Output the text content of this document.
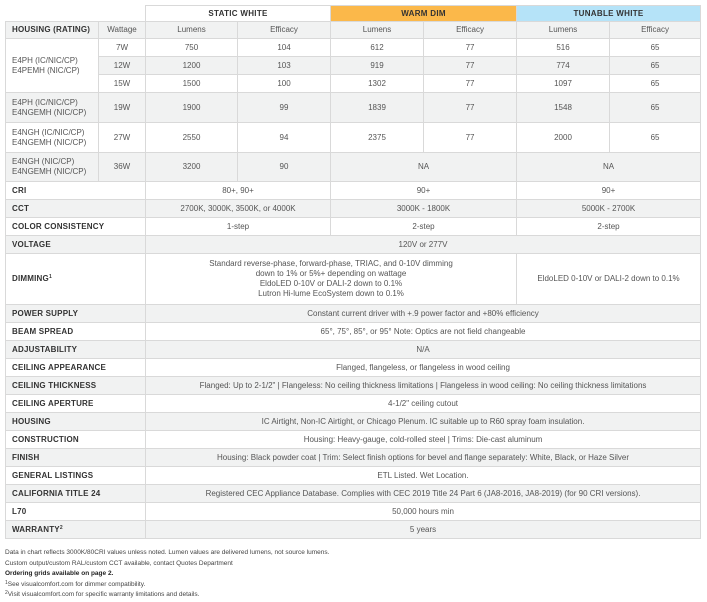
		STATIC WHITE		WARM DIM		TUNABLE WHITE	
HOUSING (RATING)	Wattage	Lumens	Efficacy	Lumens	Efficacy	Lumens	Efficacy
E4PH (IC/NIC/CP)
E4PEMH (NIC/CP)	7W	750	104	612	77	516	65
	12W	1200	103	919	77	774	65
	15W	1500	100	1302	77	1097	65
E4PH (IC/NIC/CP)
E4NGEMH (NIC/CP)	19W	1900	99	1839	77	1548	65
E4NGH (IC/NIC/CP)
E4NGEMH (NIC/CP)	27W	2550	94	2375	77	2000	65
E4NGH (NIC/CP)
E4NGEMH (NIC/CP)	36W	3200	90	NA		NA	
CRI		80+, 90+		90+		90+	
CCT		2700K, 3000K, 3500K, or 4000K		3000K - 1800K		5000K - 2700K	
COLOR CONSISTENCY		1-step		2-step		2-step	
VOLTAGE		120V or 277V					
DIMMING$^1$		Standard reverse-phase, forward-phase, TRIAC, and 0-10V dimming
down to 1% or 5%+ depending on wattage
EldoLED 0-10V or DALI-2 down to 0.1%
Lutron Hi-lume EcoSystem down to 0.1%				EldoLED 0-10V or DALI-2 down to 0.1%	
POWER SUPPLY		Constant current driver with +.9 power factor and +80% efficiency					
BEAM SPREAD		65°, 75°, 85°, or 95° Note: Optics are not field changeable					
ADJUSTABILITY		N/A					
CEILING APPEARANCE		Flanged, flangeless, or flangeless in wood ceiling					
CEILING THICKNESS		Flanged: Up to 2-1/2" | Flangeless: No ceiling thickness limitations | Flangeless in wood ceiling: No ceiling thickness limitations					
CEILING APERTURE		4-1/2" ceiling cutout					
HOUSING		IC Airtight, Non-IC Airtight, or Chicago Plenum. IC suitable up to R60 spray foam insulation.					
CONSTRUCTION		Housing: Heavy-gauge, cold-rolled steel | Trims: Die-cast aluminum					
FINISH		Housing: Black powder coat | Trim: Select finish options for bevel and flange separately: White, Black, or Haze Silver					
GENERAL LISTINGS		ETL Listed. Wet Location.					
CALIFORNIA TITLE 24		Registered CEC Appliance Database. Complies with CEC 2019 Title 24 Part 6 (JA8-2016, JA8-2019) (for 90 CRI versions).					
L70		50,000 hours min					
WARRANTY$^2$		5 years					
Data in chart reflects 3000K/80CRI values unless noted. Lumen values are delivered lumens, not source lumens.
Custom output/custom RAL/custom CCT available, contact Quotes Department
Ordering grids available on page 2.
$^1$See visualcomfort.com for dimmer compatibility.
$^2$Visit visualcomfort.com for specific warranty limitations and details.
